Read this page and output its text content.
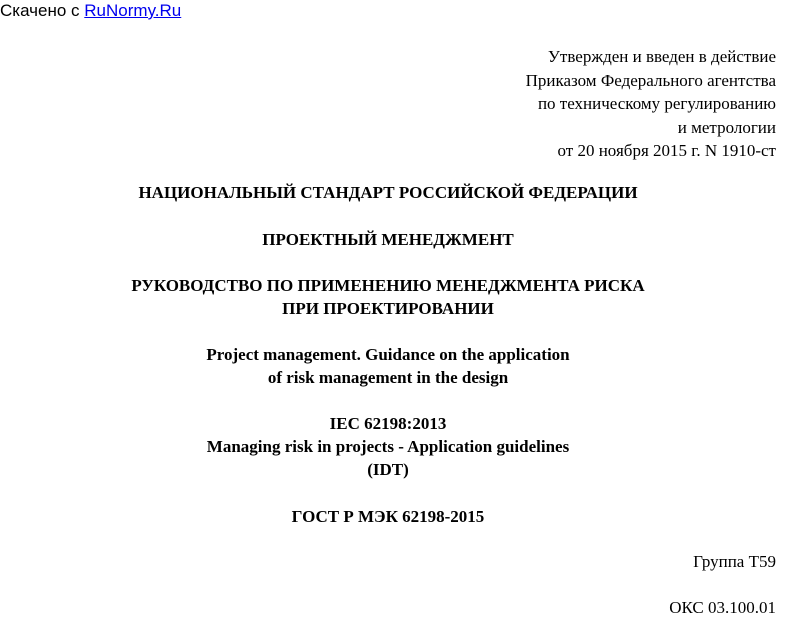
Скачено с RuNormy.Ru
Утвержден и введен в действие
Приказом Федерального агентства
по техническому регулированию
и метрологии
от 20 ноября 2015 г. N 1910-ст
НАЦИОНАЛЬНЫЙ СТАНДАРТ РОССИЙСКОЙ ФЕДЕРАЦИИ
ПРОЕКТНЫЙ МЕНЕДЖМЕНТ
РУКОВОДСТВО ПО ПРИМЕНЕНИЮ МЕНЕДЖМЕНТА РИСКА
ПРИ ПРОЕКТИРОВАНИИ
Project management. Guidance on the application
of risk management in the design
IEC 62198:2013
Managing risk in projects - Application guidelines
(IDT)
ГОСТ Р МЭК 62198-2015
Группа Т59
ОКС 03.100.01
